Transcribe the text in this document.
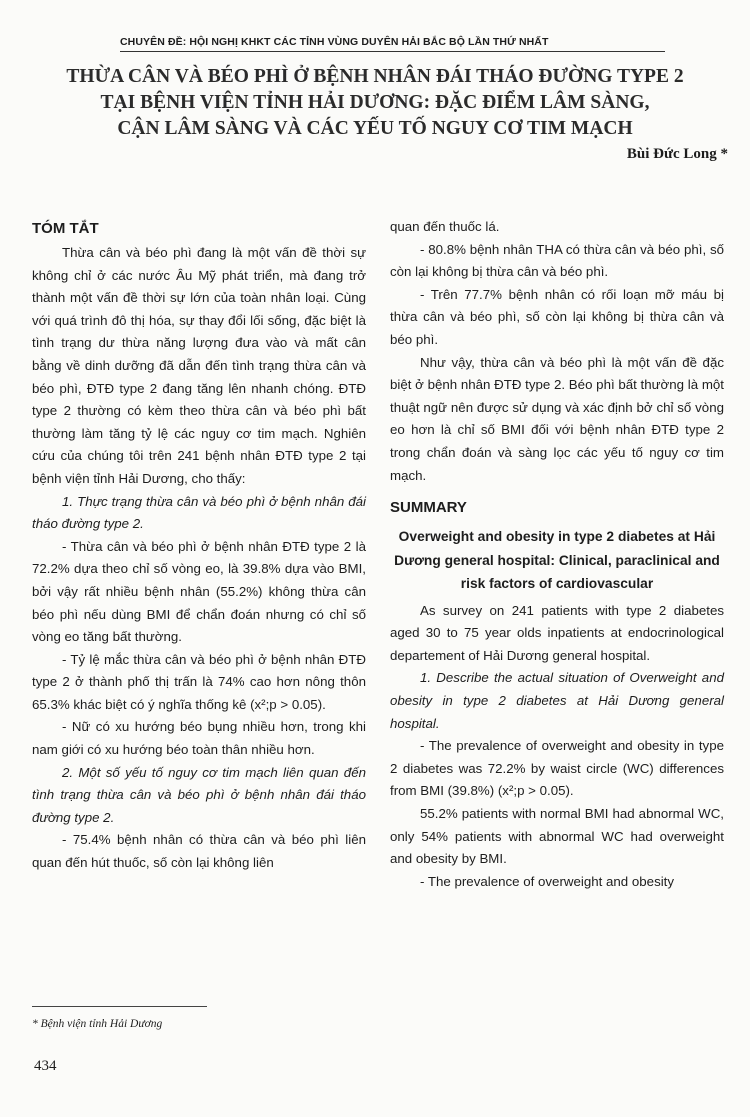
CHUYÊN ĐỀ: HỘI NGHỊ KHKT CÁC TỈNH VÙNG DUYÊN HẢI BẮC BỘ LẦN THỨ NHẤT
THỪA CÂN VÀ BÉO PHÌ Ở BỆNH NHÂN ĐÁI THÁO ĐƯỜNG TYPE 2
TẠI BỆNH VIỆN TỈNH HẢI DƯƠNG: ĐẶC ĐIỂM LÂM SÀNG,
CẬN LÂM SÀNG VÀ CÁC YẾU TỐ NGUY CƠ TIM MẠCH
Bùi Đức Long *
TÓM TẮT

Thừa cân và béo phì đang là một vấn đề thời sự không chỉ ở các nước Âu Mỹ phát triển, mà đang trở thành một vấn đề thời sự lớn của toàn nhân loại. Cùng với quá trình đô thị hóa, sự thay đổi lối sống, đặc biệt là tình trạng dư thừa năng lượng đưa vào và mất cân bằng về dinh dưỡng đã dẫn đến tình trạng thừa cân và béo phì, ĐTĐ type 2 đang tăng lên nhanh chóng. ĐTĐ type 2 thường có kèm theo thừa cân và béo phì bất thường làm tăng tỷ lệ các nguy cơ tim mạch. Nghiên cứu của chúng tôi trên 241 bệnh nhân ĐTĐ type 2 tại bệnh viện tỉnh Hải Dương, cho thấy:

1. Thực trạng thừa cân và béo phì ở bệnh nhân đái tháo đường type 2.

- Thừa cân và béo phì ở bệnh nhân ĐTĐ type 2 là 72.2% dựa theo chỉ số vòng eo, là 39.8% dựa vào BMI, bởi vậy rất nhiều bệnh nhân (55.2%) không thừa cân béo phì nếu dùng BMI để chẩn đoán nhưng có chỉ số vòng eo tăng bất thường.

- Tỷ lệ mắc thừa cân và béo phì ở bệnh nhân ĐTĐ type 2 ở thành phố thị trấn là 74% cao hơn nông thôn 65.3% khác biệt có ý nghĩa thống kê (x²;p > 0.05).

- Nữ có xu hướng béo bụng nhiều hơn, trong khi nam giới có xu hướng béo toàn thân nhiều hơn.

2. Một số yếu tố nguy cơ tim mạch liên quan đến tình trạng thừa cân và béo phì ở bệnh nhân đái tháo đường type 2.

- 75.4% bệnh nhân có thừa cân và béo phì liên quan đến hút thuốc, số còn lại không liên

quan đến thuốc lá.

- 80.8% bệnh nhân THA có thừa cân và béo phì, số còn lại không bị thừa cân và béo phì.

- Trên 77.7% bệnh nhân có rối loạn mỡ máu bị thừa cân và béo phì, số còn lại không bị thừa cân và béo phì.

Như vậy, thừa cân và béo phì là một vấn đề đặc biệt ở bệnh nhân ĐTĐ type 2. Béo phì bất thường là một thuật ngữ nên được sử dụng và xác định bở chỉ số vòng eo hơn là chỉ số BMI đối với bệnh nhân ĐTĐ type 2 trong chẩn đoán và sàng lọc các yếu tố nguy cơ tim mạch.

SUMMARY
Overweight and obesity in type 2 diabetes at Hải Dương general hospital: Clinical, paraclinical and risk factors of cardiovascular

As survey on 241 patients with type 2 diabetes aged 30 to 75 year olds inpatients at endocrinological departement of Hải Dương general hospital.

1. Describe the actual situation of Overweight and obesity in type 2 diabetes at Hải Dương general hospital.

- The prevalence of overweight and obesity in type 2 diabetes was 72.2% by waist circle (WC) differences from BMI (39.8%) (x²;p > 0.05).

55.2% patients with normal BMI had abnormal WC, only 54% patients with abnormal WC had overweight and obesity by BMI.

- The prevalence of overweight and obesity

* Bệnh viện tỉnh Hải Dương
434
